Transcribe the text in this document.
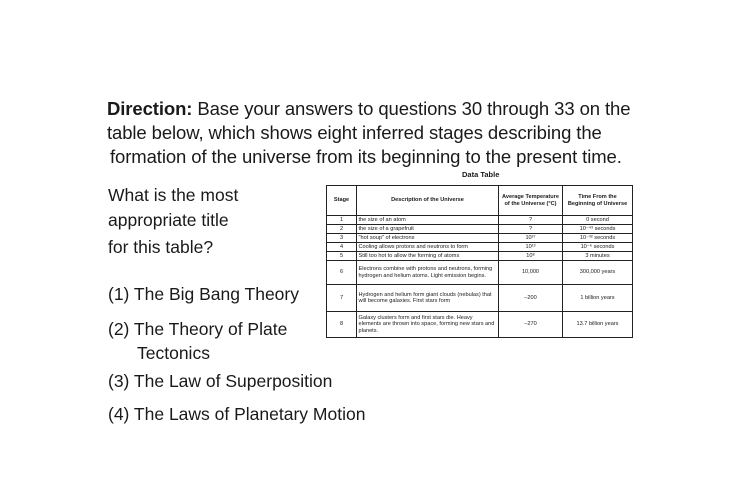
Direction: Base your answers to questions 30 through 33 on the
table below, which shows eight inferred stages describing the
formation of the universe from its beginning to the present time.
What is the most
appropriate title
for this table?
(1) The Big Bang Theory
(2) The Theory of Plate
Tectonics
(3) The Law of Superposition
(4) The Laws of Planetary Motion
Data Table
Stage	Description of the Universe	Average Temperature of the Universe (°C)	Time From the Beginning of Universe
1	the size of an atom	?	0 second
2	the size of a grapefruit	?	10⁻⁴³ seconds
3	"hot soup" of electrons	10²⁷	10⁻³² seconds
4	Cooling allows protons and neutrons to form	10¹³	10⁻⁶ seconds
5	Still too hot to allow the forming of atoms	10⁸	3 minutes
6	Electrons combine with protons and neutrons, forming hydrogen and helium atoms. Light emission begins.	10,000	300,000 years
7	Hydrogen and helium form giant clouds (nebulas) that will become galaxies. First stars form	–200	1 billion years
8	Galaxy clusters form and first stars die. Heavy elements are thrown into space, forming new stars and planets.	–270	13.7 billion years
